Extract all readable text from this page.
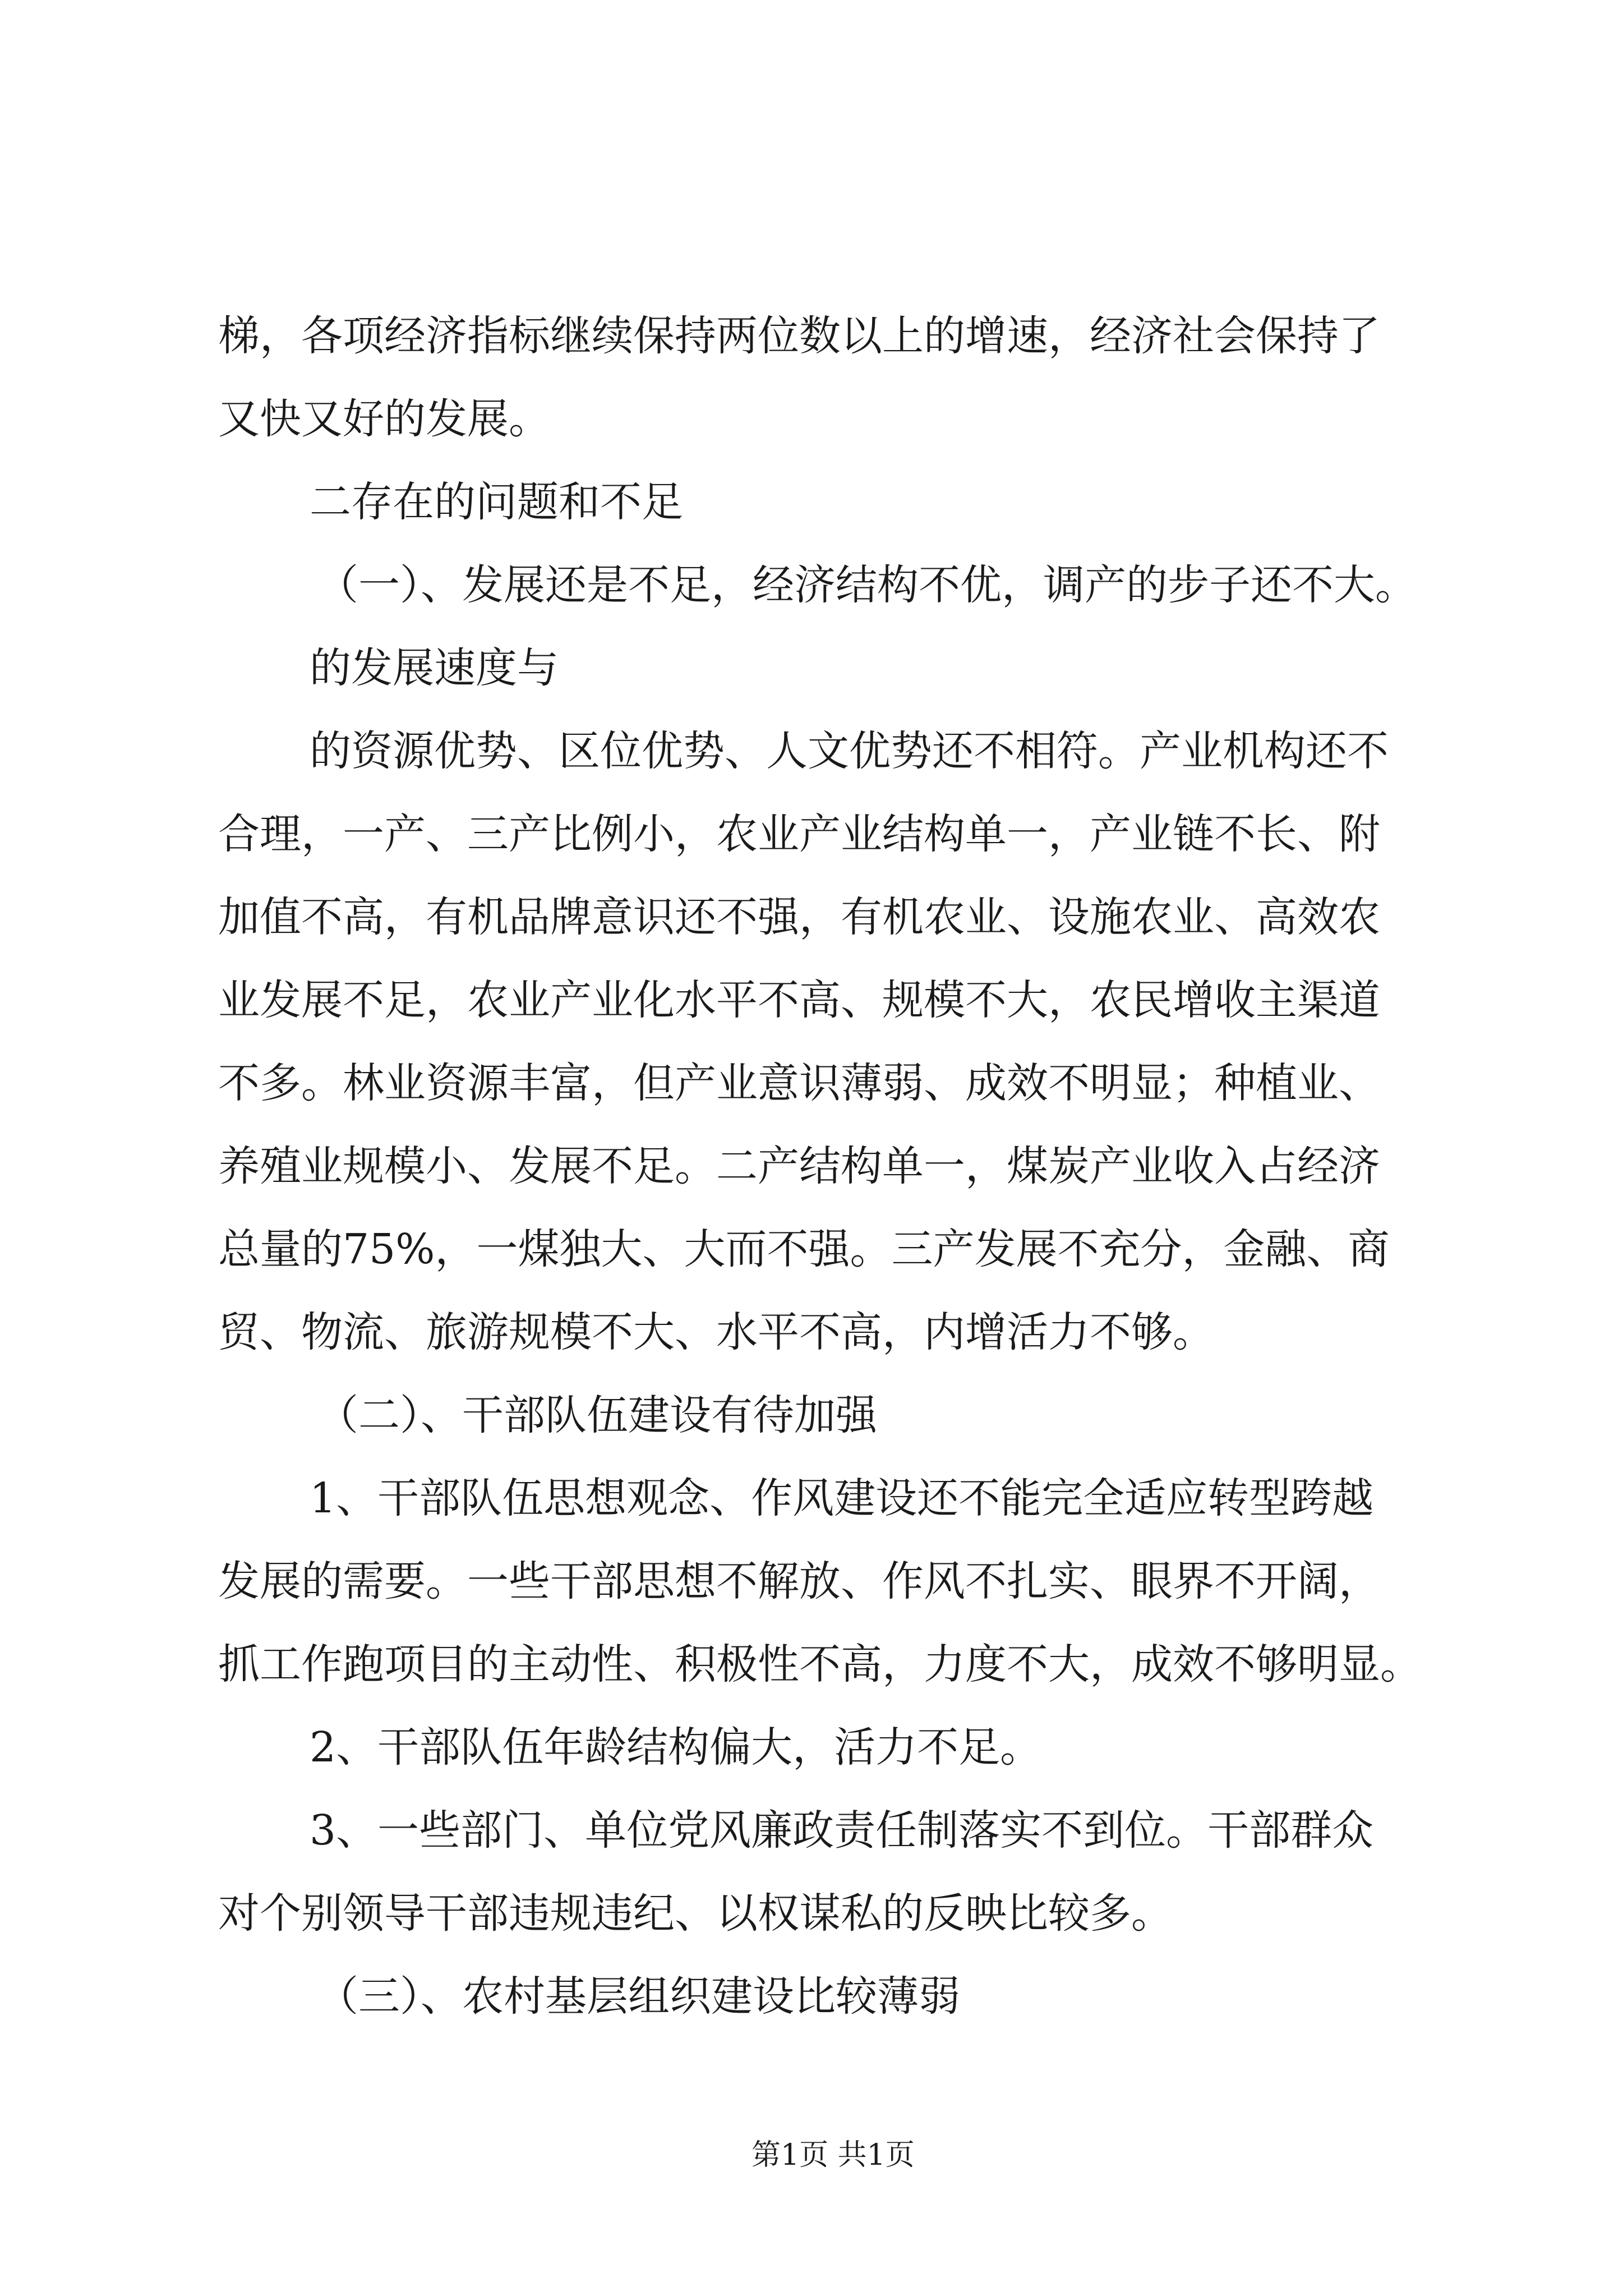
梯，各项经济指标继续保持两位数以上的增速，经济社会保持了
又快又好的发展。
二存在的问题和不足
（一）、发展还是不足，经济结构不优，调产的步子还不大。
的发展速度与
的资源优势、区位优势、人文优势还不相符。产业机构还不
合理，一产、三产比例小，农业产业结构单一，产业链不长、附
加值不高，有机品牌意识还不强，有机农业、设施农业、高效农
业发展不足，农业产业化水平不高、规模不大，农民增收主渠道
不多。林业资源丰富，但产业意识薄弱、成效不明显；种植业、
养殖业规模小、发展不足。二产结构单一，煤炭产业收入占经济
总量的75%，一煤独大、大而不强。三产发展不充分，金融、商
贸、物流、旅游规模不大、水平不高，内增活力不够。
（二）、干部队伍建设有待加强
1、干部队伍思想观念、作风建设还不能完全适应转型跨越
发展的需要。一些干部思想不解放、作风不扎实、眼界不开阔，
抓工作跑项目的主动性、积极性不高，力度不大，成效不够明显。
2、干部队伍年龄结构偏大，活力不足。
3、一些部门、单位党风廉政责任制落实不到位。干部群众
对个别领导干部违规违纪、以权谋私的反映比较多。
（三）、农村基层组织建设比较薄弱
第1页 共1页
